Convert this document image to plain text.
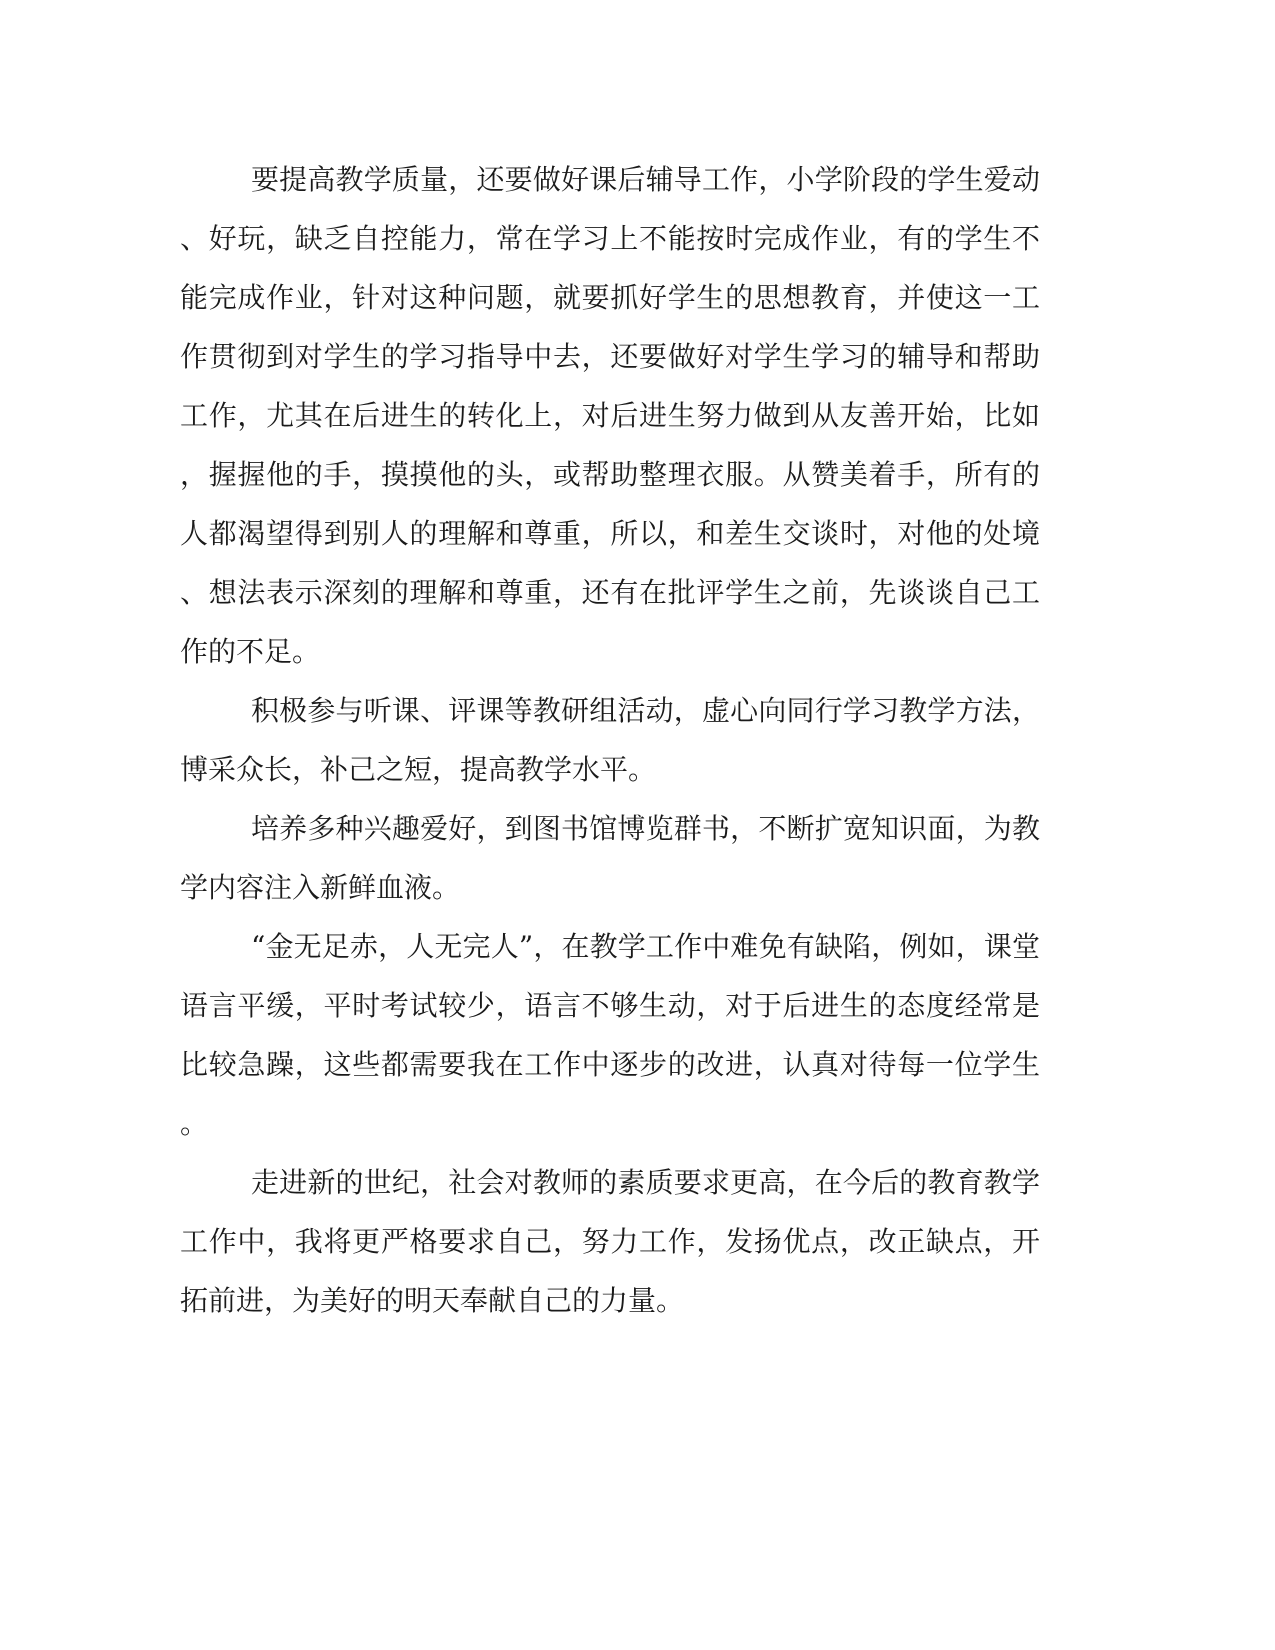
要提高教学质量，还要做好课后辅导工作，小学阶段的学生爱动
、好玩，缺乏自控能力，常在学习上不能按时完成作业，有的学生不
能完成作业，针对这种问题，就要抓好学生的思想教育，并使这一工
作贯彻到对学生的学习指导中去，还要做好对学生学习的辅导和帮助
工作，尤其在后进生的转化上，对后进生努力做到从友善开始，比如
，握握他的手，摸摸他的头，或帮助整理衣服。从赞美着手，所有的
人都渴望得到别人的理解和尊重，所以，和差生交谈时，对他的处境
、想法表示深刻的理解和尊重，还有在批评学生之前，先谈谈自己工
作的不足。
积极参与听课、评课等教研组活动，虚心向同行学习教学方法，
博采众长，补己之短，提高教学水平。
培养多种兴趣爱好，到图书馆博览群书，不断扩宽知识面，为教
学内容注入新鲜血液。
“金无足赤，人无完人”，在教学工作中难免有缺陷，例如，课堂
语言平缓，平时考试较少，语言不够生动，对于后进生的态度经常是
比较急躁，这些都需要我在工作中逐步的改进，认真对待每一位学生
。
走进新的世纪，社会对教师的素质要求更高，在今后的教育教学
工作中，我将更严格要求自己，努力工作，发扬优点，改正缺点，开
拓前进，为美好的明天奉献自己的力量。
